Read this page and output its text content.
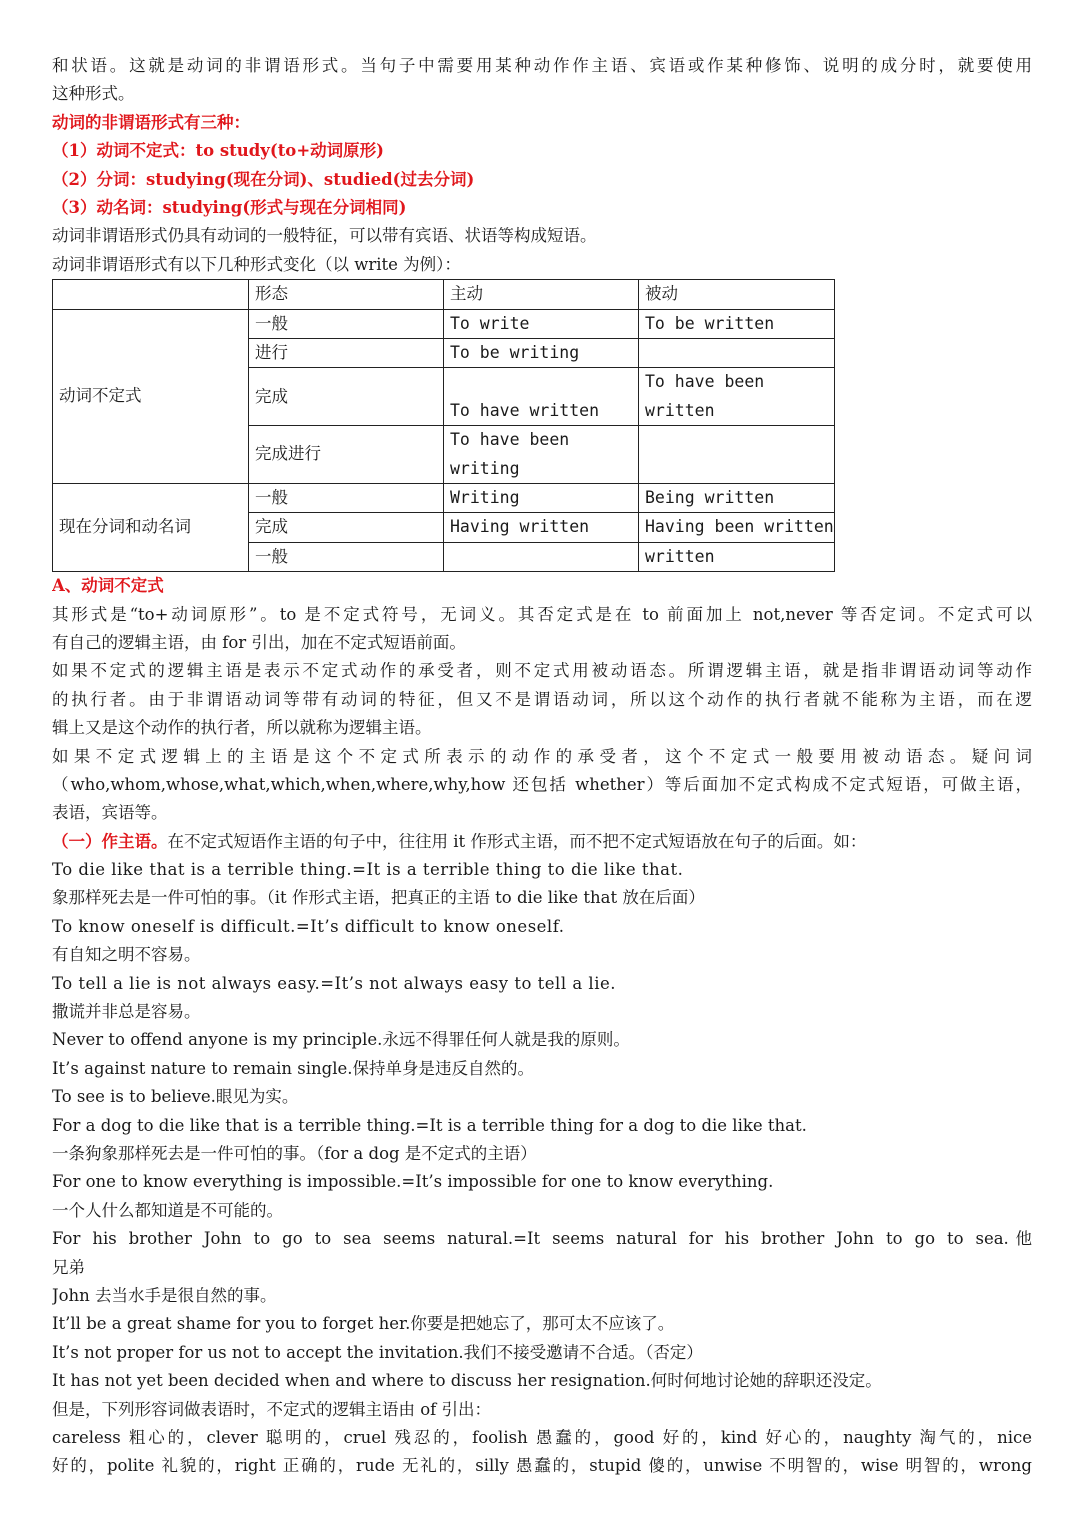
和状语。这就是动词的非谓语形式。当句子中需要用某种动作作主语、宾语或作某种修饰、说明的成分时，就要使用
这种形式。
动词的非谓语形式有三种：
（1）动词不定式：to study(to+动词原形)
（2）分词：studying(现在分词)、studied(过去分词)
（3）动名词：studying(形式与现在分词相同)
动词非谓语形式仍具有动词的一般特征，可以带有宾语、状语等构成短语。
动词非谓语形式有以下几种形式变化（以 write 为例）：
	形态	主动	被动
动词不定式	一般	To write	To be written
	进行	To be writing	
	完成	To have written	To have been
written

	完成进行	To have been
writing	

现在分词和动名词	一般	Writing	Being written
	完成	Having written	Having been written
	一般		written
A、动词不定式
其形式是“to+动词原形”。to 是不定式符号，无词义。其否定式是在 to 前面加上 not,never 等否定词。不定式可以
有自己的逻辑主语，由 for 引出，加在不定式短语前面。
如果不定式的逻辑主语是表示不定式动作的承受者，则不定式用被动语态。所谓逻辑主语，就是指非谓语动词等动作
的执行者。由于非谓语动词等带有动词的特征，但又不是谓语动词，所以这个动作的执行者就不能称为主语，而在逻
辑上又是这个动作的执行者，所以就称为逻辑主语。
如果不定式逻辑上的主语是这个不定式所表示的动作的承受者，这个不定式一般要用被动语态。疑问词
（who,whom,whose,what,which,when,where,why,how 还包括 whether）等后面加不定式构成不定式短语，可做主语，
表语，宾语等。
（一）作主语。在不定式短语作主语的句子中，往往用 it 作形式主语，而不把不定式短语放在句子的后面。如：
To die like that is a terrible thing.=It is a terrible thing to die like that.
象那样死去是一件可怕的事。（it 作形式主语，把真正的主语 to die like that 放在后面）
To know oneself is difficult.=It’s difficult to know oneself.
有自知之明不容易。
To tell a lie is not always easy.=It’s not always easy to tell a lie.
撒谎并非总是容易。
Never to offend anyone is my principle.永远不得罪任何人就是我的原则。
It’s against nature to remain single.保持单身是违反自然的。
To see is to believe.眼见为实。
For a dog to die like that is a terrible thing.=It is a terrible thing for a dog to die like that.
一条狗象那样死去是一件可怕的事。（for a dog 是不定式的主语）
For one to know everything is impossible.=It’s impossible for one to know everything.
一个人什么都知道是不可能的。
For his brother John to go to sea seems natural.=It seems natural for his brother John to go to sea.他
兄弟
John 去当水手是很自然的事。
It’ll be a great shame for you to forget her.你要是把她忘了，那可太不应该了。
It’s not proper for us not to accept the invitation.我们不接受邀请不合适。（否定）
It has not yet been decided when and where to discuss her resignation.何时何地讨论她的辞职还没定。
但是，下列形容词做表语时，不定式的逻辑主语由 of 引出：
careless 粗心的，clever 聪明的，cruel 残忍的，foolish 愚蠢的，good 好的，kind 好心的，naughty 淘气的，nice
好的，polite 礼貌的，right 正确的，rude 无礼的，silly 愚蠢的，stupid 傻的，unwise 不明智的，wise 明智的，wrong
